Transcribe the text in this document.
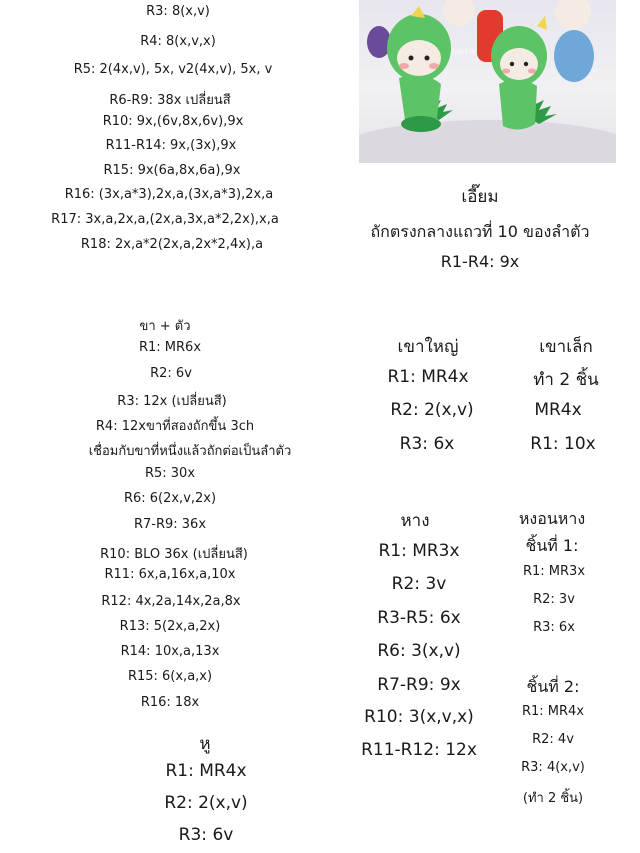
R3: 8(x,v)
R4: 8(x,v,x)
R5: 2(4x,v), 5x, v2(4x,v), 5x, v
R6-R9: 38x เปลี่ยนสี
R10: 9x,(6v,8x,6v),9x
R11-R14: 9x,(3x),9x
R15: 9x(6a,8x,6a),9x
R16: (3x,a*3),2x,a,(3x,a*3),2x,a
R17: 3x,a,2x,a,(2x,a,3x,a*2,2x),x,a
R18: 2x,a*2(2x,a,2x*2,4x),a
奈雨手作
เอี๊ยม
ถักตรงกลางแถวที่ 10 ของลำตัว
R1-R4: 9x
ขา + ตัว
R1: MR6x
R2: 6v
R3: 12x (เปลี่ยนสี)
R4: 12xขาที่สองถักขึ้น 3ch
เชื่อมกับขาที่หนึ่งแล้วถักต่อเป็นลำตัว
R5: 30x
R6: 6(2x,v,2x)
R7-R9: 36x
R10: BLO 36x (เปลี่ยนสี)
R11: 6x,a,16x,a,10x
R12: 4x,2a,14x,2a,8x
R13: 5(2x,a,2x)
R14: 10x,a,13x
R15: 6(x,a,x)
R16: 18x
หู
R1: MR4x
R2: 2(x,v)
R3: 6v
เขาใหญ่
R1: MR4x
R2: 2(x,v)
R3: 6x
เขาเล็ก
ทำ 2 ชิ้น
MR4x
R1: 10x
หาง
R1: MR3x
R2: 3v
R3-R5: 6x
R6: 3(x,v)
R7-R9: 9x
R10: 3(x,v,x)
R11-R12: 12x
หงอนหาง
ชิ้นที่ 1:
R1: MR3x
R2: 3v
R3: 6x
ชิ้นที่ 2:
R1: MR4x
R2: 4v
R3: 4(x,v)
(ทำ 2 ชิ้น)
